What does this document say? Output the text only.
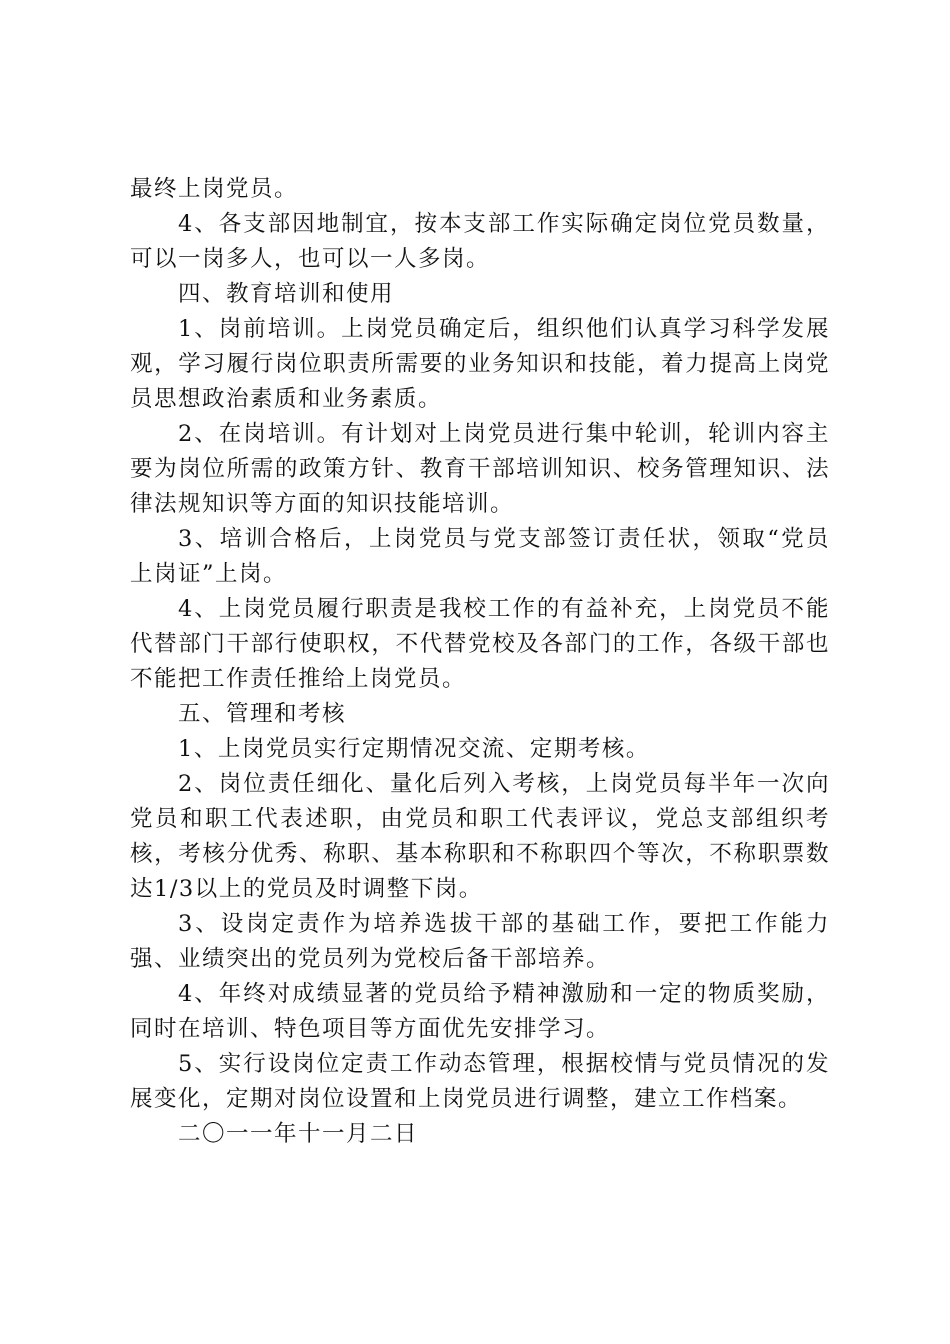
最终上岗党员。

4、各支部因地制宜，按本支部工作实际确定岗位党员数量，可以一岗多人，也可以一人多岗。

四、教育培训和使用

1、岗前培训。上岗党员确定后，组织他们认真学习科学发展观，学习履行岗位职责所需要的业务知识和技能，着力提高上岗党员思想政治素质和业务素质。

2、在岗培训。有计划对上岗党员进行集中轮训，轮训内容主要为岗位所需的政策方针、教育干部培训知识、校务管理知识、法律法规知识等方面的知识技能培训。

3、培训合格后，上岗党员与党支部签订责任状，领取“党员上岗证”上岗。

4、上岗党员履行职责是我校工作的有益补充，上岗党员不能代替部门干部行使职权，不代替党校及各部门的工作，各级干部也不能把工作责任推给上岗党员。

五、管理和考核

1、上岗党员实行定期情况交流、定期考核。

2、岗位责任细化、量化后列入考核，上岗党员每半年一次向党员和职工代表述职，由党员和职工代表评议，党总支部组织考核，考核分优秀、称职、基本称职和不称职四个等次，不称职票数达1/3以上的党员及时调整下岗。

3、设岗定责作为培养选拔干部的基础工作，要把工作能力强、业绩突出的党员列为党校后备干部培养。

4、年终对成绩显著的党员给予精神激励和一定的物质奖励，同时在培训、特色项目等方面优先安排学习。

5、实行设岗位定责工作动态管理，根据校情与党员情况的发展变化，定期对岗位设置和上岗党员进行调整，建立工作档案。

二〇一一年十一月二日
